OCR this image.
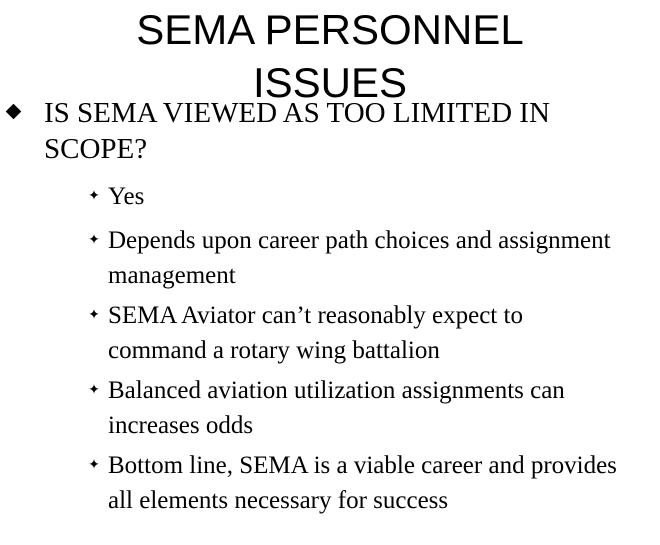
SEMA PERSONNEL
ISSUES
IS SEMA VIEWED AS TOO LIMITED IN SCOPE?
✦ Yes
✦ Depends upon career path choices and assignment management
✦ SEMA Aviator can’t reasonably expect to command a rotary wing battalion
✦ Balanced aviation utilization assignments can increases odds
✦ Bottom line, SEMA is a viable career and provides all elements necessary for success
